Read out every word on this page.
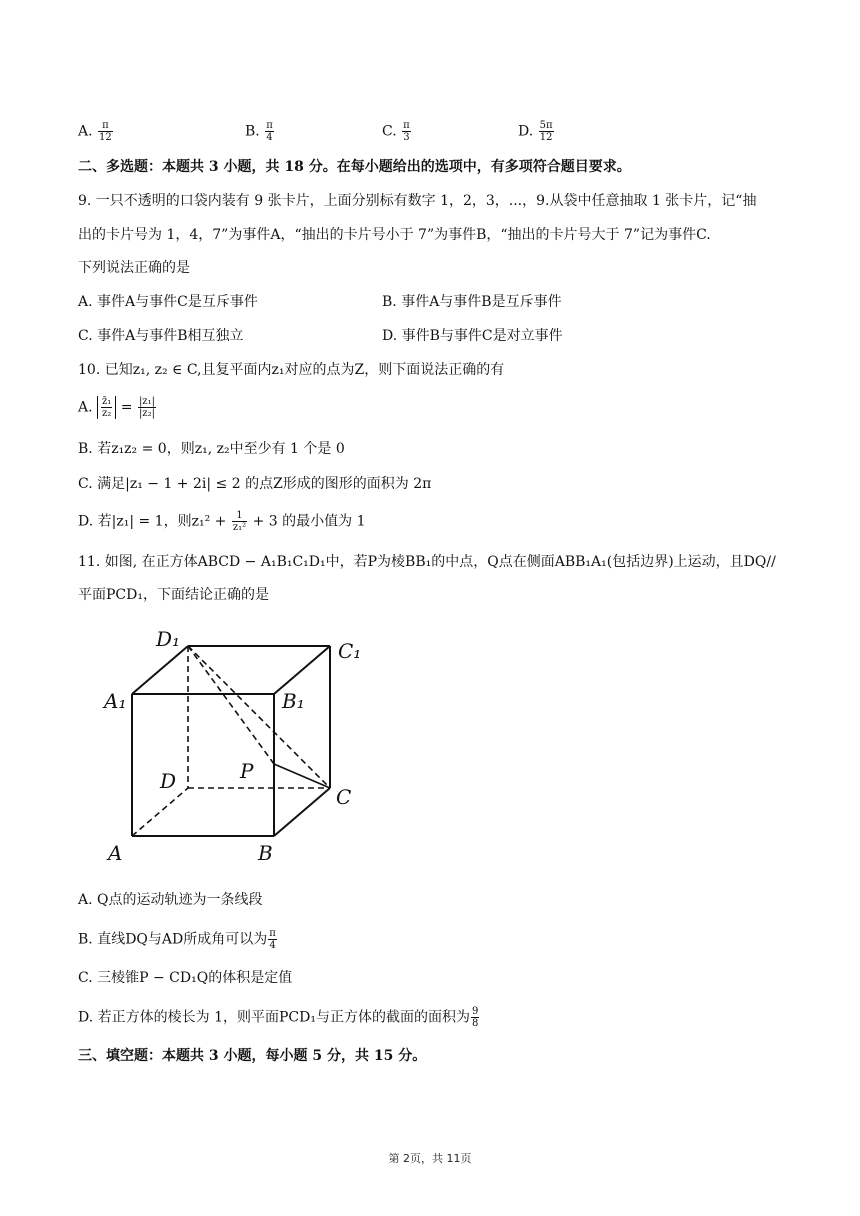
A. $\frac{\pi}{12}$	B. $\frac{\pi}{4}$	C. $\frac{\pi}{3}$	D. $\frac{5\pi}{12}$
二、多选题：本题共 3 小题，共 18 分。在每小题给出的选项中，有多项符合题目要求。
9. 一只不透明的口袋内装有 9 张卡片，上面分别标有数字 1，2，3，...，9.从袋中任意抽取 1 张卡片，记“抽
出的卡片号为 1，4，7”为事件A，“抽出的卡片号小于 7”为事件B，“抽出的卡片号大于 7”记为事件C.
下列说法正确的是
A. 事件A与事件C是互斥事件	B. 事件A与事件B是互斥事件
C. 事件A与事件B相互独立	D. 事件B与事件C是对立事件
10. 已知z₁, z₂ ∈ C,且复平面内z₁对应的点为Z，则下面说法正确的有
A. $\frac{\text{z̄₁}}{\text{z₂}} = \frac{\text{|z₁|}}{\text{|z₂|}}$
B. 若z₁z₂ = 0，则z₁, z₂中至少有 1 个是 0
C. 满足|z₁ − 1 + 2i| ≤ 2 的点Z形成的图形的面积为 2π
D. 若|z₁| = 1，则$z_1^2 + \frac{1}{\text{z₁²}} + 3$ 的最小值为 1
11. 如图, 在正方体ABCD − A₁B₁C₁D₁中，若P为棱BB₁的中点，Q点在侧面ABB₁A₁(包括边界)上运动，且DQ//
平面PCD₁，下面结论正确的是
D₁	C₁
A₁	B₁
D	P
C
A	B
A. Q点的运动轨迹为一条线段
B. 直线DQ与AD所成角可以为 $\frac{\pi}{4}$
C. 三棱锥P − CD₁Q的体积是定值
D. 若正方体的棱长为 1，则平面PCD₁与正方体的截面的面积为 $\frac{9}{8}$
三、填空题：本题共 3 小题，每小题 5 分，共 15 分。
第 2页，共 11页
